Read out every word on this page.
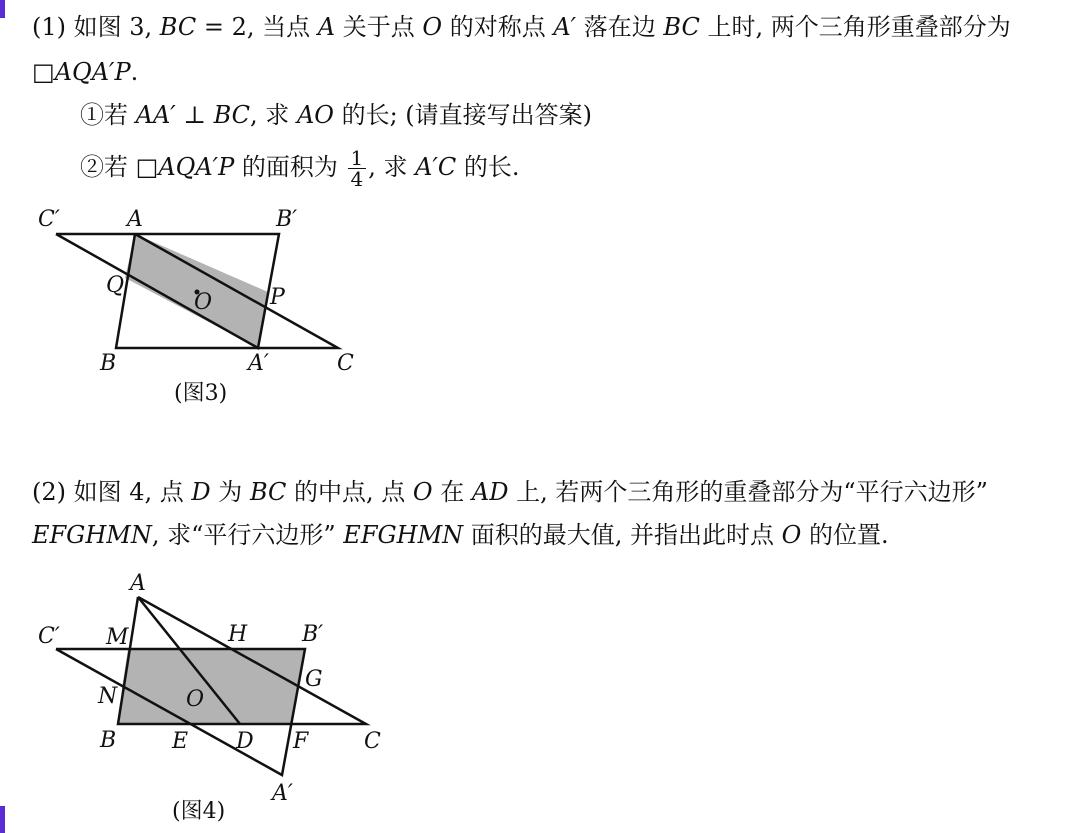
(1) 如图 3, BC = 2, 当点 A 关于点 O 的对称点 A′ 落在边 BC 上时, 两个三角形重叠部分为
□AQA′P.
①若 AA′ ⊥ BC, 求 AO 的长; (请直接写出答案)
②若 □AQA′P 的面积为 $\frac{1}{4}$ , 求 A′C 的长.
C′	A	B′
Q
O	P
B	A′	C
(图3)
(2) 如图 4, 点 D 为 BC 的中点, 点 O 在 AD 上, 若两个三角形的重叠部分为“平行六边形”
EFGHMN, 求“平行六边形” EFGHMN 面积的最大值, 并指出此时点 O 的位置.
A
C′ M	H B′
G
N	O
B	E D F	C
A′
(图4)
